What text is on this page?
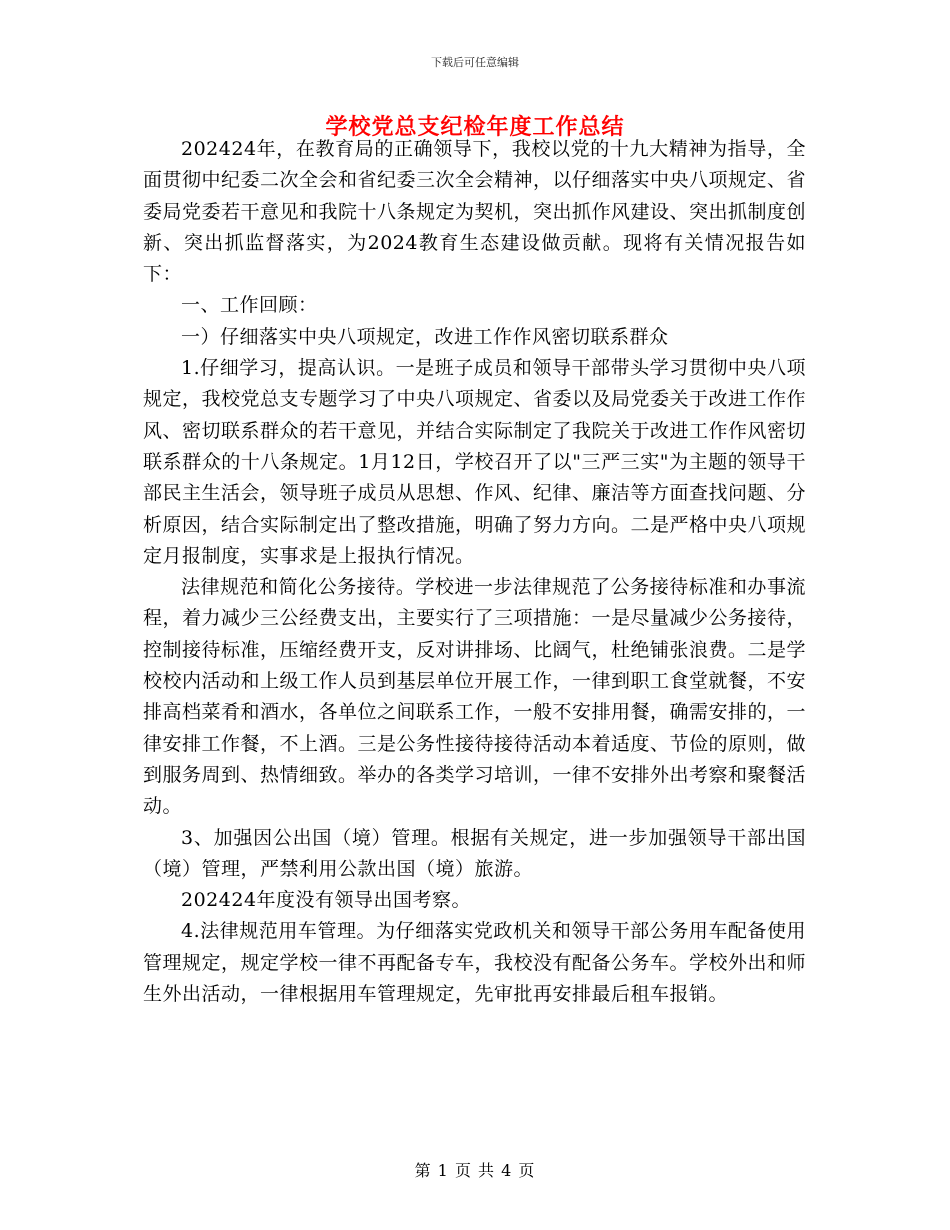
下载后可任意编辑
学校党总支纪检年度工作总结

202424年，在教育局的正确领导下，我校以党的十九大精神为指导，全面贯彻中纪委二次全会和省纪委三次全会精神，以仔细落实中央八项规定、省委局党委若干意见和我院十八条规定为契机，突出抓作风建设、突出抓制度创新、突出抓监督落实，为2024教育生态建设做贡献。现将有关情况报告如下：

一、工作回顾：

一）仔细落实中央八项规定，改进工作作风密切联系群众

1.仔细学习，提高认识。一是班子成员和领导干部带头学习贯彻中央八项规定，我校党总支专题学习了中央八项规定、省委以及局党委关于改进工作作风、密切联系群众的若干意见，并结合实际制定了我院关于改进工作作风密切联系群众的十八条规定。1月12日，学校召开了以"三严三实"为主题的领导干部民主生活会，领导班子成员从思想、作风、纪律、廉洁等方面查找问题、分析原因，结合实际制定出了整改措施，明确了努力方向。二是严格中央八项规定月报制度，实事求是上报执行情况。

法律规范和简化公务接待。学校进一步法律规范了公务接待标准和办事流程，着力减少三公经费支出，主要实行了三项措施：一是尽量减少公务接待，控制接待标准，压缩经费开支，反对讲排场、比阔气，杜绝铺张浪费。二是学校校内活动和上级工作人员到基层单位开展工作，一律到职工食堂就餐，不安排高档菜肴和酒水，各单位之间联系工作，一般不安排用餐，确需安排的，一律安排工作餐，不上酒。三是公务性接待接待活动本着适度、节俭的原则，做到服务周到、热情细致。举办的各类学习培训，一律不安排外出考察和聚餐活动。

3、加强因公出国（境）管理。根据有关规定，进一步加强领导干部出国（境）管理，严禁利用公款出国（境）旅游。

202424年度没有领导出国考察。

4.法律规范用车管理。为仔细落实党政机关和领导干部公务用车配备使用管理规定，规定学校一律不再配备专车，我校没有配备公务车。学校外出和师生外出活动，一律根据用车管理规定，先审批再安排最后租车报销。

第 1 页 共 4 页
